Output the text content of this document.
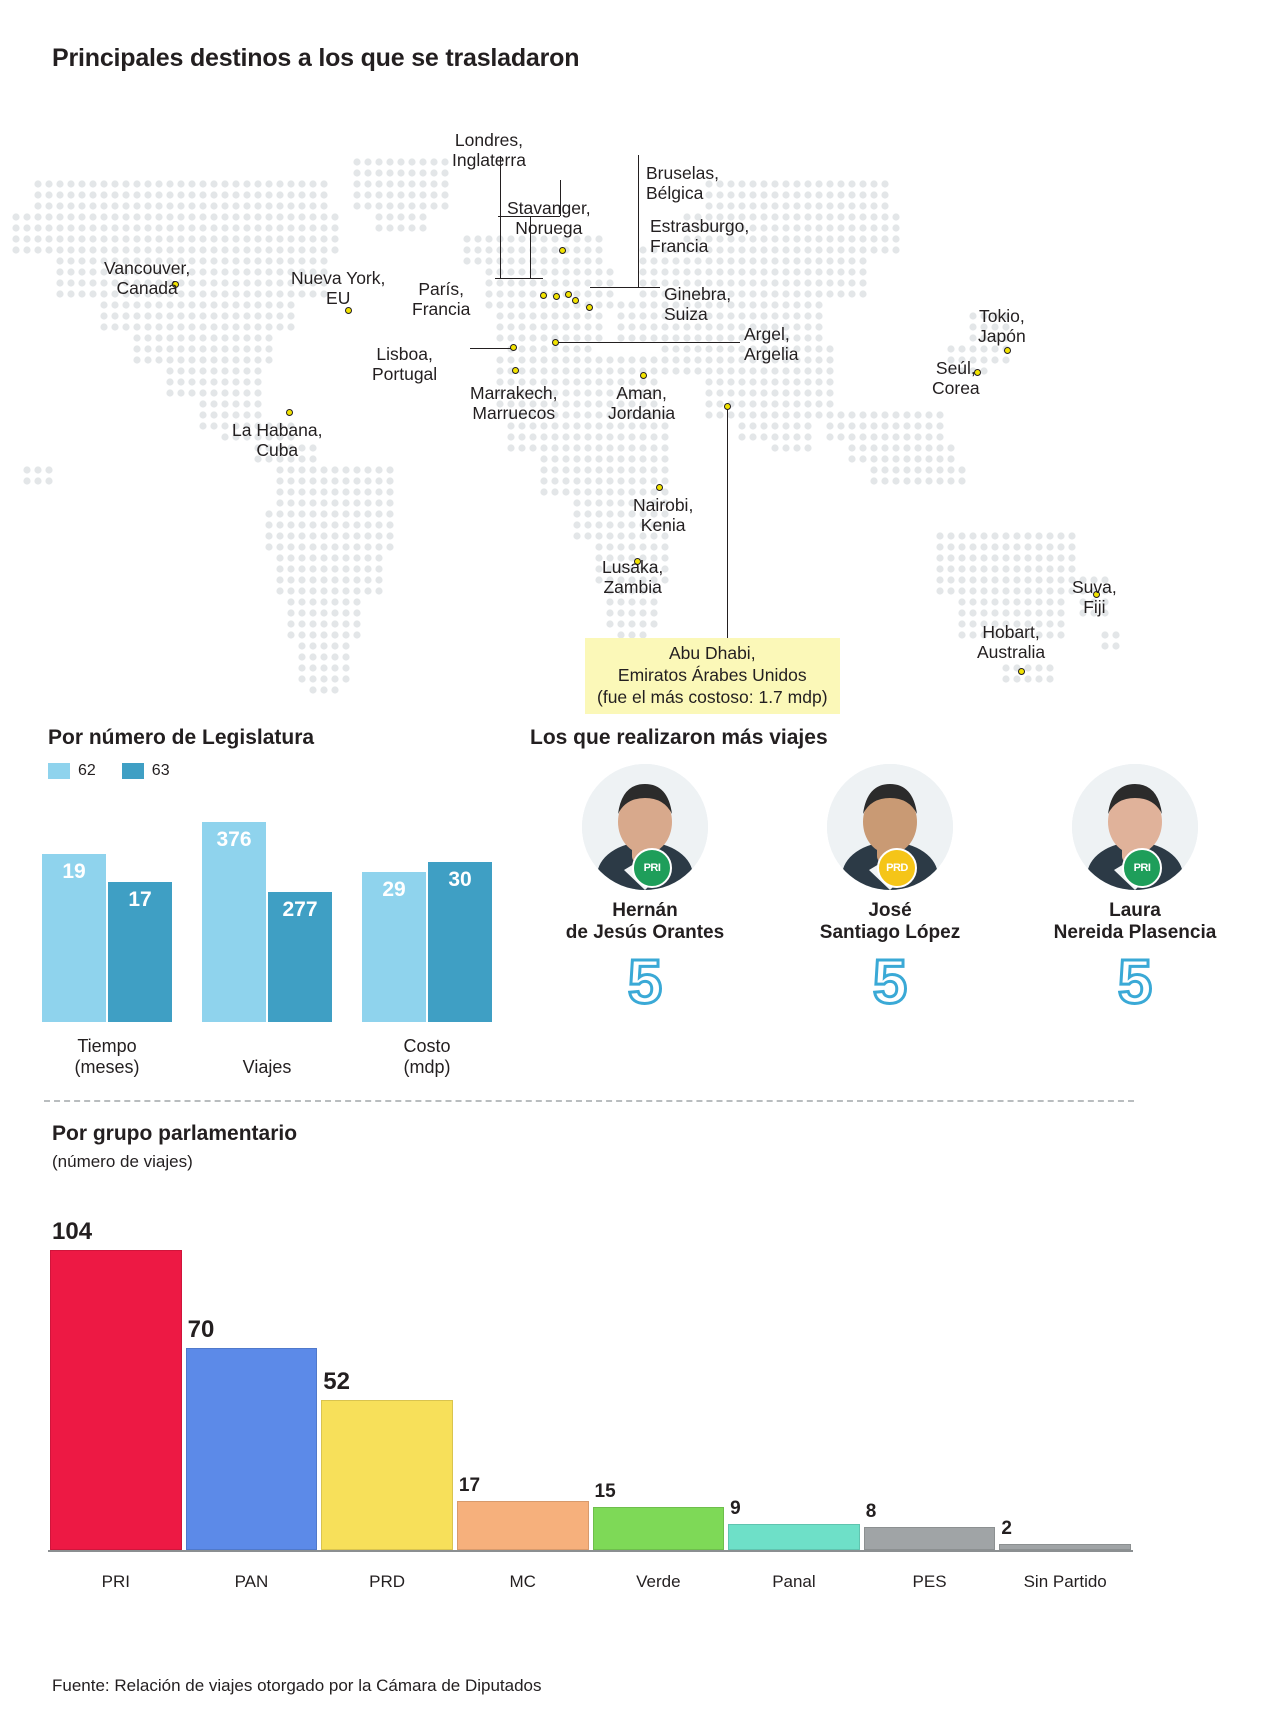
Principales destinos a los que se trasladaron
Vancouver,
Canadá	Nueva York,
EU
La Habana,
Cuba
Londres,
Inglaterra
Stavanger,
Noruega
París,
Francia
Lisboa,
Portugal
Bruselas,
Bélgica
Estrasburgo,
Francia
Ginebra,
Suiza
Argel,
Argelia
Marrakech,
Marruecos
Aman,
Jordania
Nairobi,
Kenia
Lusaka,
Zambia
Tokio,
Japón
Seúl,
Corea
Suva,
Fiji
Hobart,
Australia
Abu Dhabi,
Emiratos Árabes Unidos
(fue el más costoso: 1.7 mdp)
Por número de Legislatura
62	63
19
17
Tiempo
(meses)
376
277
Viajes
29	30
Costo
(mdp)
Los que realizaron más viajes
PRI
Hernán
de Jesús Orantes
5
PRD
José
Santiago López
5
PRI
Laura
Nereida Plasencia
5
Por grupo parlamentario
(número de viajes)
104
PRI
70
PAN
52
PRD
17
MC
15
Verde
9
Panal
8
PES
2
Sin Partido
Fuente: Relación de viajes otorgado por la Cámara de Diputados
